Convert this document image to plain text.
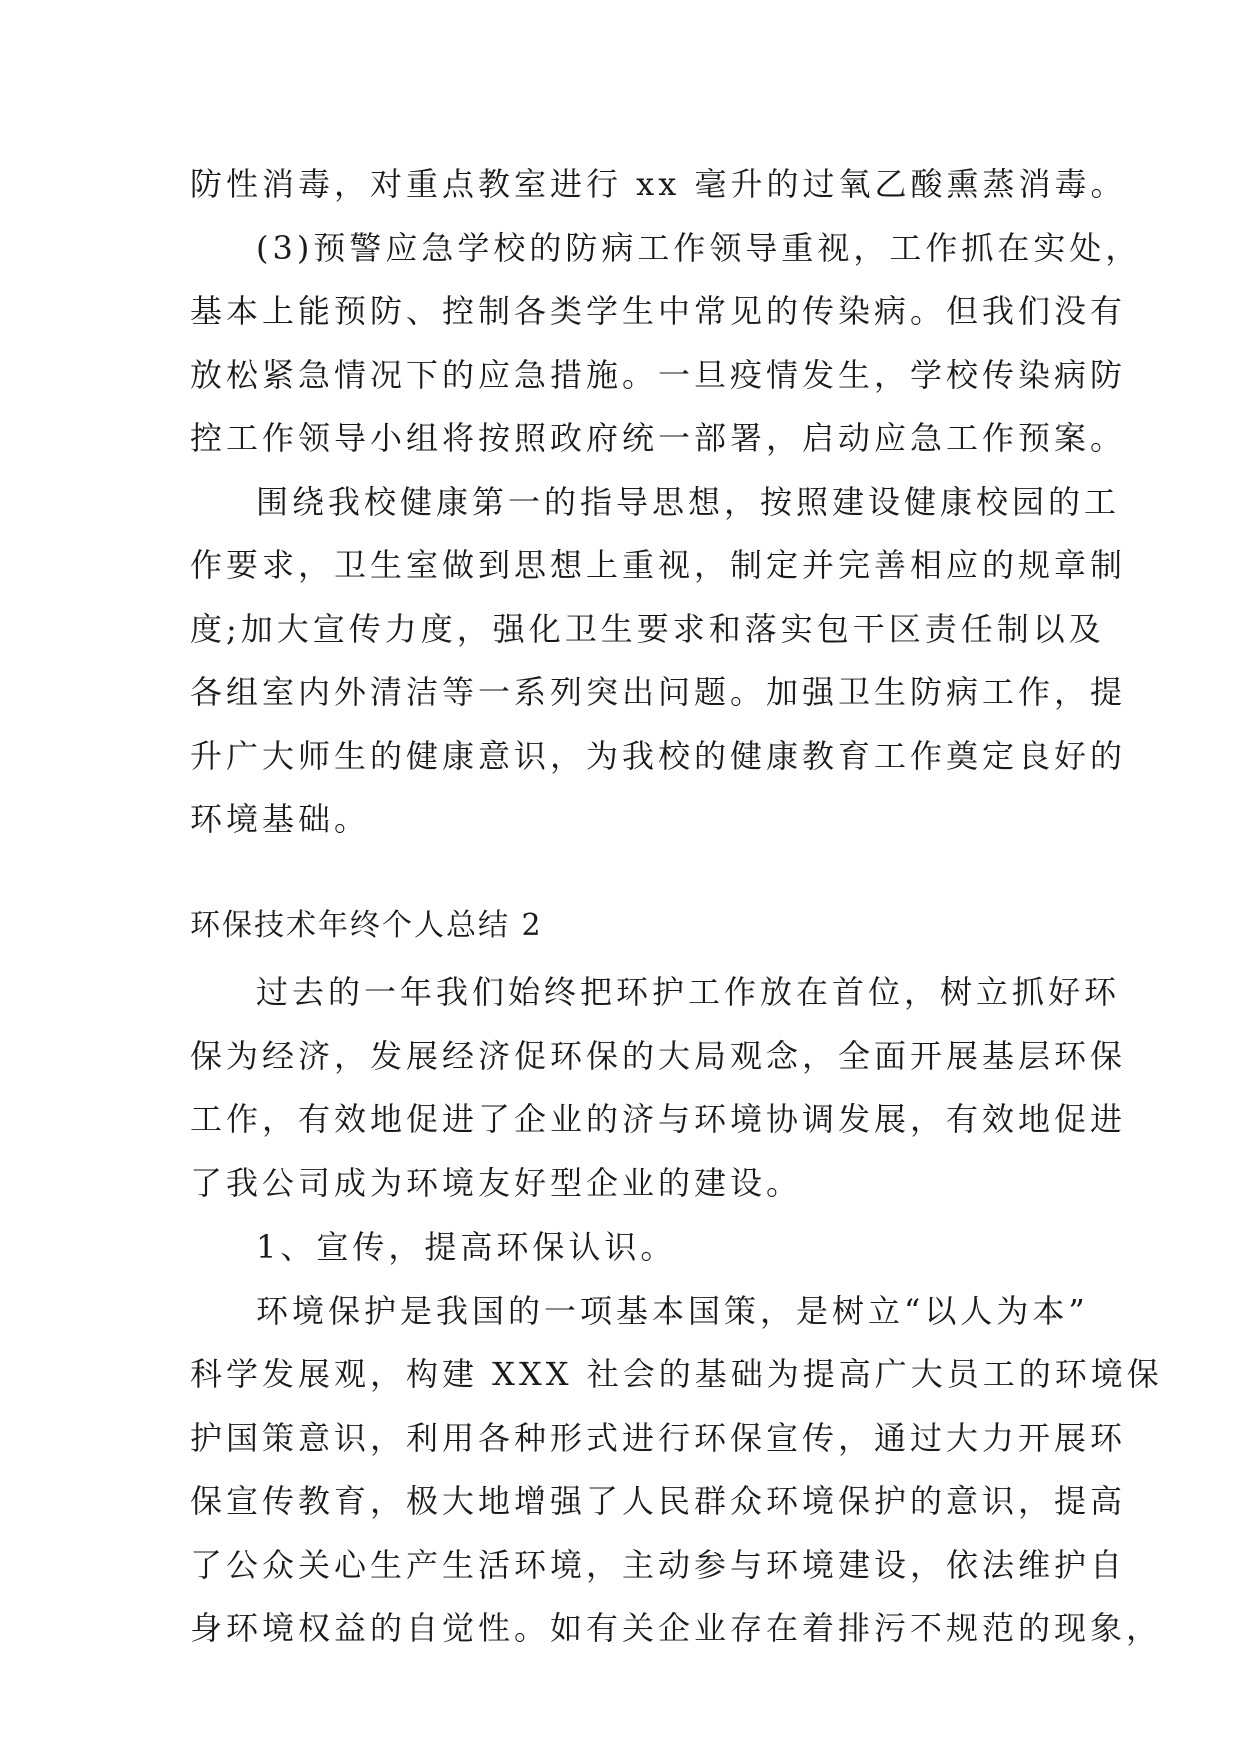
防性消毒，对重点教室进行 xx 毫升的过氧乙酸熏蒸消毒。
(3)预警应急学校的防病工作领导重视，工作抓在实处，
基本上能预防、控制各类学生中常见的传染病。但我们没有
放松紧急情况下的应急措施。一旦疫情发生，学校传染病防
控工作领导小组将按照政府统一部署，启动应急工作预案。
围绕我校健康第一的指导思想，按照建设健康校园的工
作要求，卫生室做到思想上重视，制定并完善相应的规章制
度;加大宣传力度，强化卫生要求和落实包干区责任制以及
各组室内外清洁等一系列突出问题。加强卫生防病工作，提
升广大师生的健康意识，为我校的健康教育工作奠定良好的
环境基础。
环保技术年终个人总结 2
过去的一年我们始终把环护工作放在首位，树立抓好环
保为经济，发展经济促环保的大局观念，全面开展基层环保
工作，有效地促进了企业的济与环境协调发展，有效地促进
了我公司成为环境友好型企业的建设。
1、宣传，提高环保认识。
环境保护是我国的一项基本国策，是树立“以人为本”
科学发展观，构建 XXX 社会的基础为提高广大员工的环境保
护国策意识，利用各种形式进行环保宣传，通过大力开展环
保宣传教育，极大地增强了人民群众环境保护的意识，提高
了公众关心生产生活环境，主动参与环境建设，依法维护自
身环境权益的自觉性。如有关企业存在着排污不规范的现象，
